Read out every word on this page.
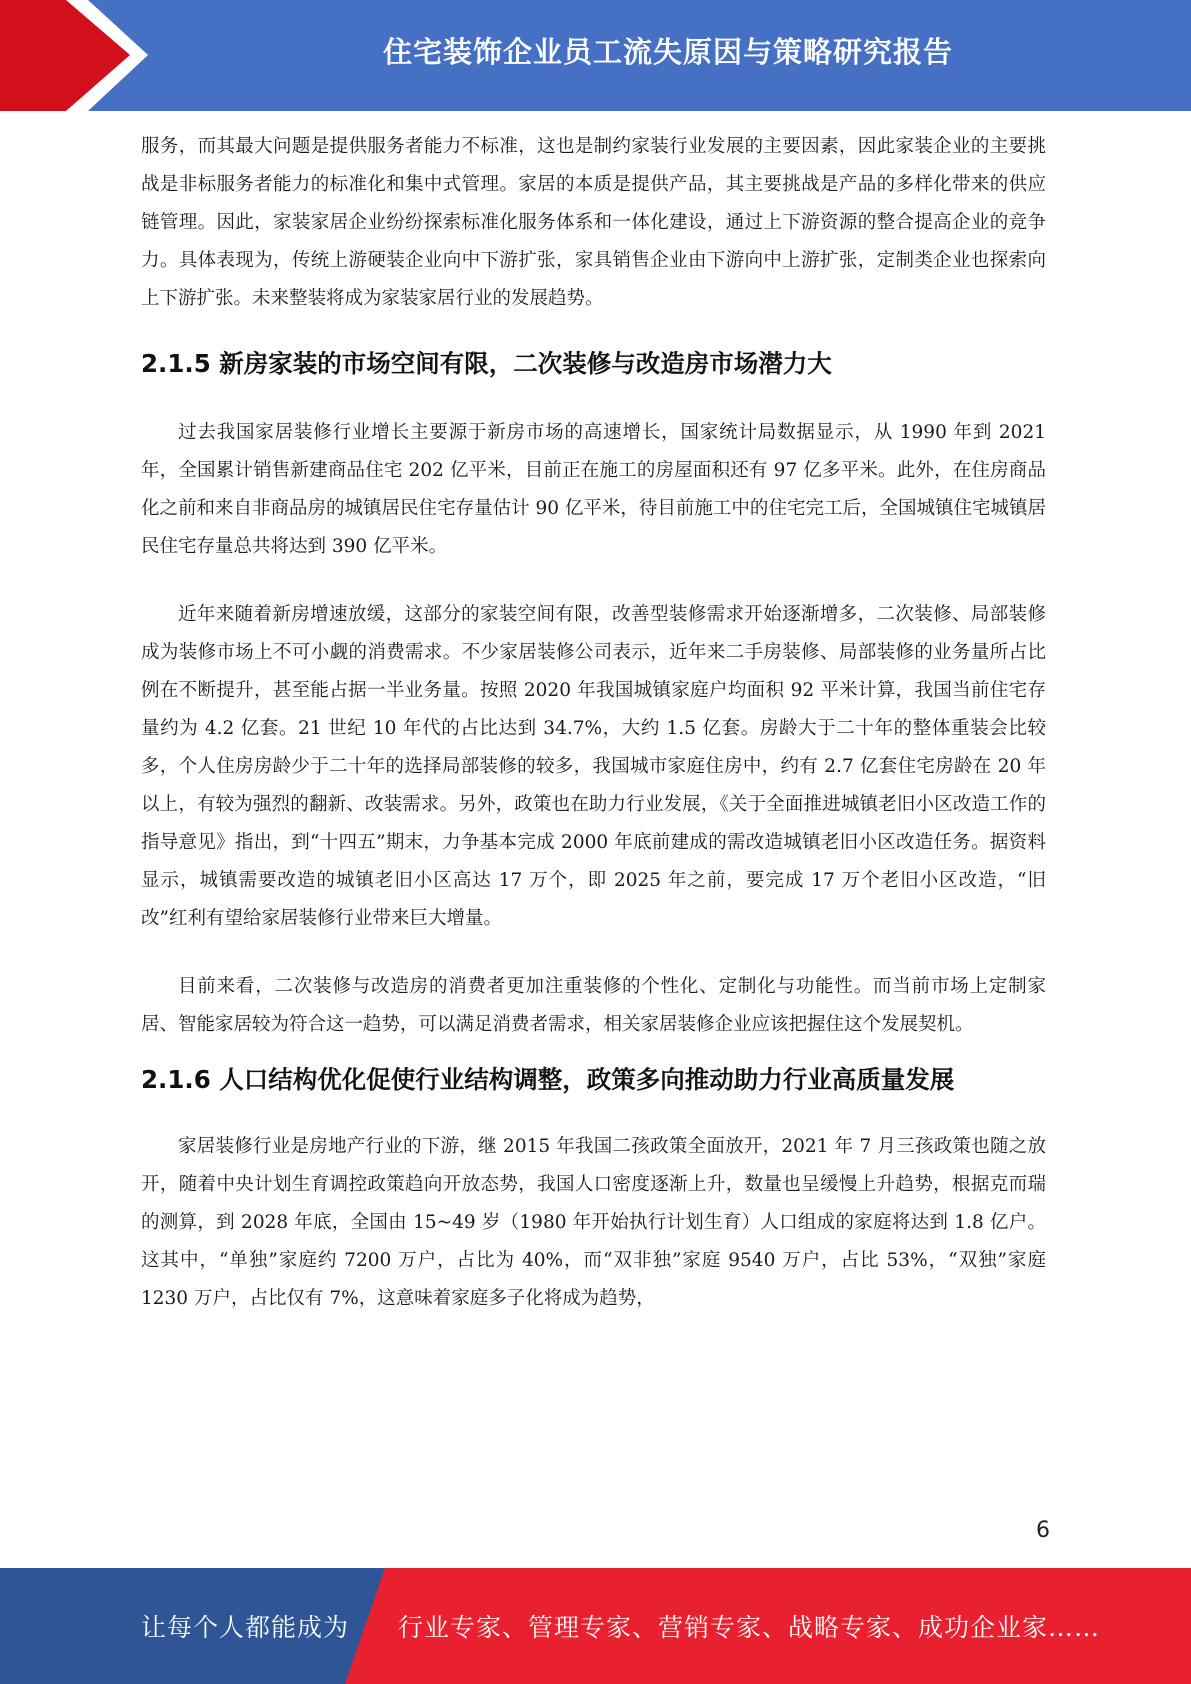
住宅装饰企业员工流失原因与策略研究报告

服务，而其最大问题是提供服务者能力不标准，这也是制约家装行业发展的主要因素，因此家装企业的主要挑战是非标服务者能力的标准化和集中式管理。家居的本质是提供产品，其主要挑战是产品的多样化带来的供应链管理。因此，家装家居企业纷纷探索标准化服务体系和一体化建设，通过上下游资源的整合提高企业的竞争力。具体表现为，传统上游硬装企业向中下游扩张，家具销售企业由下游向中上游扩张，定制类企业也探索向上下游扩张。未来整装将成为家装家居行业的发展趋势。

2.1.5 新房家装的市场空间有限，二次装修与改造房市场潜力大

过去我国家居装修行业增长主要源于新房市场的高速增长，国家统计局数据显示，从 1990 年到 2021 年，全国累计销售新建商品住宅 202 亿平米，目前正在施工的房屋面积还有 97 亿多平米。此外，在住房商品化之前和来自非商品房的城镇居民住宅存量估计 90 亿平米，待目前施工中的住宅完工后，全国城镇住宅城镇居民住宅存量总共将达到 390 亿平米。

近年来随着新房增速放缓，这部分的家装空间有限，改善型装修需求开始逐渐增多，二次装修、局部装修成为装修市场上不可小觑的消费需求。不少家居装修公司表示，近年来二手房装修、局部装修的业务量所占比例在不断提升，甚至能占据一半业务量。按照 2020 年我国城镇家庭户均面积 92 平米计算，我国当前住宅存量约为 4.2 亿套。21 世纪 10 年代的占比达到 34.7%，大约 1.5 亿套。房龄大于二十年的整体重装会比较多，个人住房房龄少于二十年的选择局部装修的较多，我国城市家庭住房中，约有 2.7 亿套住宅房龄在 20 年以上，有较为强烈的翻新、改装需求。另外，政策也在助力行业发展，《关于全面推进城镇老旧小区改造工作的指导意见》指出，到“十四五”期末，力争基本完成 2000 年底前建成的需改造城镇老旧小区改造任务。据资料显示，城镇需要改造的城镇老旧小区高达 17 万个，即 2025 年之前，要完成 17 万个老旧小区改造，“旧改”红利有望给家居装修行业带来巨大增量。

目前来看，二次装修与改造房的消费者更加注重装修的个性化、定制化与功能性。而当前市场上定制家居、智能家居较为符合这一趋势，可以满足消费者需求，相关家居装修企业应该把握住这个发展契机。

2.1.6 人口结构优化促使行业结构调整，政策多向推动助力行业高质量发展

家居装修行业是房地产行业的下游，继 2015 年我国二孩政策全面放开，2021 年 7 月三孩政策也随之放开，随着中央计划生育调控政策趋向开放态势，我国人口密度逐渐上升，数量也呈缓慢上升趋势，根据克而瑞的测算，到 2028 年底，全国由 15~49 岁（1980 年开始执行计划生育）人口组成的家庭将达到 1.8 亿户。这其中，“单独”家庭约 7200 万户，占比为 40%，而“双非独”家庭 9540 万户，占比 53%，“双独”家庭 1230 万户，占比仅有 7%，这意味着家庭多子化将成为趋势，

6
让每个人都能成为 行业专家、管理专家、营销专家、战略专家、成功企业家……
